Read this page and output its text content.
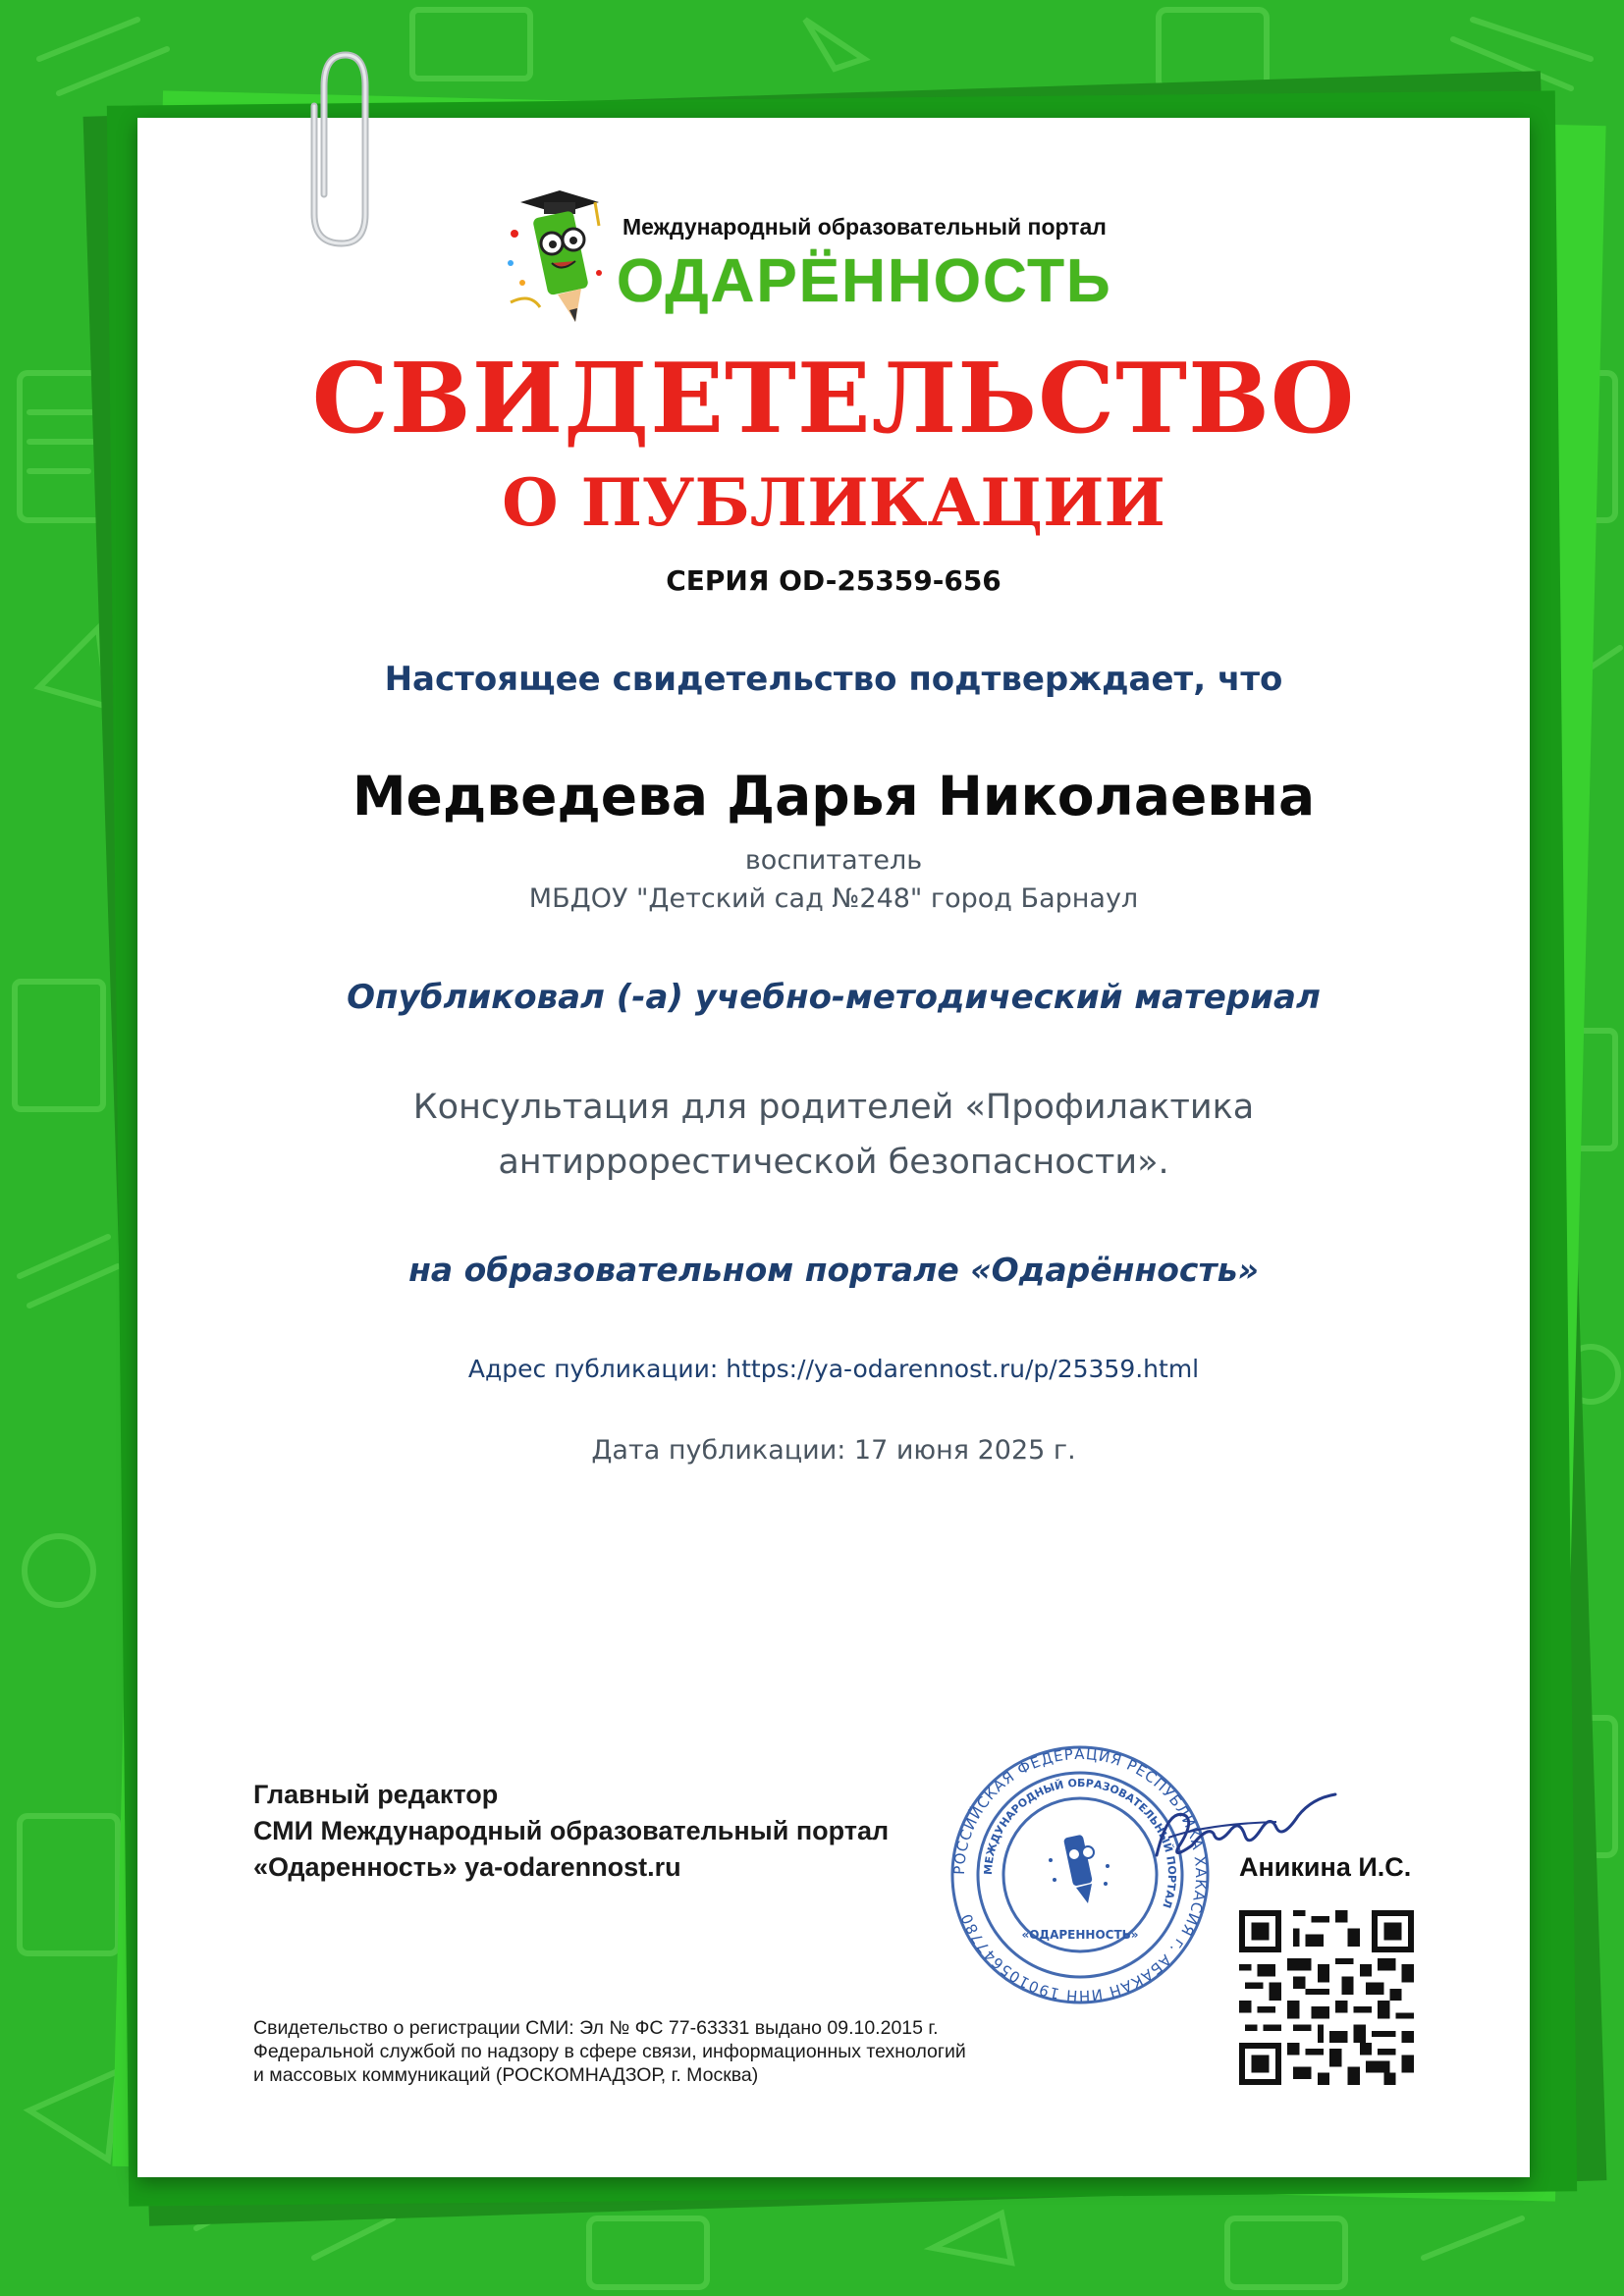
Международный образовательный портал
ОДАРЁННОСТЬ
СВИДЕТЕЛЬСТВО
О ПУБЛИКАЦИИ
СЕРИЯ OD-25359-656
Настоящее свидетельство подтверждает, что
Медведева Дарья Николаевна
воспитатель
МБДОУ "Детский сад №248" город Барнаул
Опубликовал (-а) учебно-методический материал
Консультация для родителей «Профилактика
антиррорестической безопасности».
на образовательном портале «Одарённость»
Адрес публикации: https://ya-odarennost.ru/p/25359.html
Дата публикации: 17 июня 2025 г.
Главный редактор
СМИ Международный образовательный портал
«Одаренность» ya-odarennost.ru
Свидетельство о регистрации СМИ: Эл № ФС 77-63331 выдано 09.10.2015 г.
Федеральной службой по надзору в сфере связи, информационных технологий
и массовых коммуникаций (РОСКОМНАДЗОР, г. Москва)
РОССИЙСКАЯ ФЕДЕРАЦИЯ РЕСПУБЛИКА ХАКАСИЯ г. АБАКАН ИНН 190105647780
МЕЖДУНАРОДНЫЙ ОБРАЗОВАТЕЛЬНЫЙ ПОРТАЛ
«ОДАРЕННОСТЬ»
Аникина И.С.
